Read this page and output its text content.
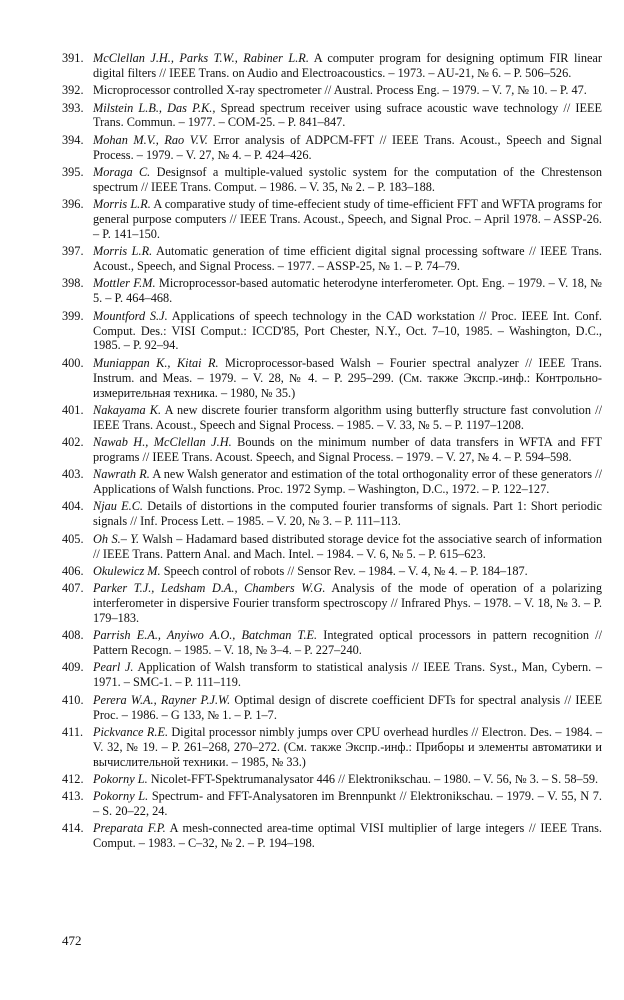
391. McClellan J.H., Parks T.W., Rabiner L.R. A computer program for designing optimum FIR linear digital filters // IEEE Trans. on Audio and Electroacoustics. – 1973. – AU-21, № 6. – P. 506–526.
392. Microprocessor controlled X-ray spectrometer // Austral. Process Eng. – 1979. – V. 7, № 10. – P. 47.
393. Milstein L.B., Das P.K., Spread spectrum receiver using sufrace acoustic wave technology // IEEE Trans. Commun. – 1977. – COM-25. – P. 841–847.
394. Mohan M.V., Rao V.V. Error analysis of ADPCM-FFT // IEEE Trans. Acoust., Speech and Signal Process. – 1979. – V. 27, № 4. – P. 424–426.
395. Moraga C. Designsof a multiple-valued systolic system for the computation of the Chrestenson spectrum // IEEE Trans. Comput. – 1986. – V. 35, № 2. – P. 183–188.
396. Morris L.R. A comparative study of time-effecient study of time-efficient FFT and WFTA programs for general purpose computers // IEEE Trans. Acoust., Speech, and Signal Proc. – April 1978. – ASSP-26. – P. 141–150.
397. Morris L.R. Automatic generation of time efficient digital signal processing software // IEEE Trans. Acoust., Speech, and Signal Process. – 1977. – ASSP-25, № 1. – P. 74–79.
398. Mottler F.M. Microprocessor-based automatic heterodyne interferometer. Opt. Eng. – 1979. – V. 18, № 5. – P. 464–468.
399. Mountford S.J. Applications of speech technology in the CAD workstation // Proc. IEEE Int. Conf. Comput. Des.: VISI Comput.: ICCD'85, Port Chester, N.Y., Oct. 7–10, 1985. – Washington, D.C., 1985. – P. 92–94.
400. Muniappan K., Kitai R. Microprocessor-based Walsh – Fourier spectral analyzer // IEEE Trans. Instrum. and Meas. – 1979. – V. 28, № 4. – P. 295–299. (См. также Экспр.-инф.: Контрольно-измерительная техника. – 1980, № 35.)
401. Nakayama K. A new discrete fourier transform algorithm using butterfly structure fast convolution // IEEE Trans. Acoust., Speech and Signal Process. – 1985. – V. 33, № 5. – P. 1197–1208.
402. Nawab H., McClellan J.H. Bounds on the minimum number of data transfers in WFTA and FFT programs // IEEE Trans. Acoust. Speech, and Signal Process. – 1979. – V. 27, № 4. – P. 594–598.
403. Nawrath R. A new Walsh generator and estimation of the total orthogonality error of these generators // Applications of Walsh functions. Proc. 1972 Symp. – Washington, D.C., 1972. – P. 122–127.
404. Njau E.C. Details of distortions in the computed fourier transforms of signals. Part 1: Short periodic signals // Inf. Process Lett. – 1985. – V. 20, № 3. – P. 111–113.
405. Oh S.– Y. Walsh – Hadamard based distributed storage device fot the associative search of information // IEEE Trans. Pattern Anal. and Mach. Intel. – 1984. – V. 6, № 5. – P. 615–623.
406. Okulewicz M. Speech control of robots // Sensor Rev. – 1984. – V. 4, № 4. – P. 184–187.
407. Parker T.J., Ledsham D.A., Chambers W.G. Analysis of the mode of operation of a polarizing interferometer in dispersive Fourier transform spectroscopy // Infrared Phys. – 1978. – V. 18, № 3. – P. 179–183.
408. Parrish E.A., Anyiwo A.O., Batchman T.E. Integrated optical processors in pattern recognition // Pattern Recogn. – 1985. – V. 18, № 3–4. – P. 227–240.
409. Pearl J. Application of Walsh transform to statistical analysis // IEEE Trans. Syst., Man, Cybern. – 1971. – SMC-1. – P. 111–119.
410. Perera W.A., Rayner P.J.W. Optimal design of discrete coefficient DFTs for spectral analysis // IEEE Proc. – 1986. – G 133, № 1. – P. 1–7.
411. Pickvance R.E. Digital processor nimbly jumps over CPU overhead hurdles // Electron. Des. – 1984. – V. 32, № 19. – P. 261–268, 270–272. (См. также Экспр.-инф.: Приборы и элементы автоматики и вычислительной техники. – 1985, № 33.)
412. Pokorny L. Nicolet-FFT-Spektrumanalysator 446 // Elektronikschau. – 1980. – V. 56, № 3. – S. 58–59.
413. Pokorny L. Spectrum- and FFT-Analysatoren im Brennpunkt // Elektronikschau. – 1979. – V. 55, N 7. – S. 20–22, 24.
414. Preparata F.P. A mesh-connected area-time optimal VISI multiplier of large integers // IEEE Trans. Comput. – 1983. – C–32, № 2. – P. 194–198.
472
